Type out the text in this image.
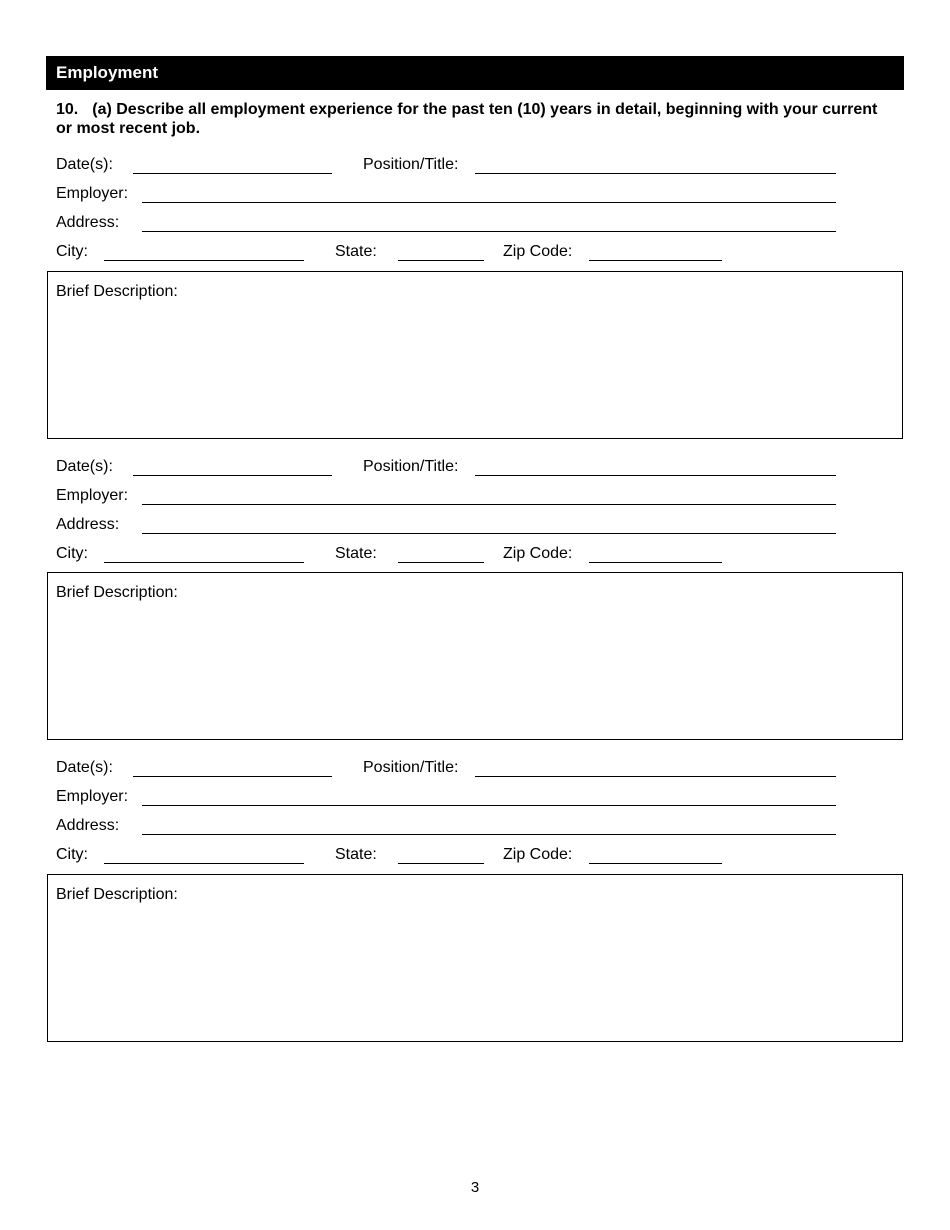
Employment
10. (a) Describe all employment experience for the past ten (10) years in detail, beginning with your current or most recent job.
Date(s):	Position/Title:
Employer:
Address:
City:	State:	Zip Code:
Brief Description:
Date(s):	Position/Title:
Employer:
Address:
City:	State:	Zip Code:
Brief Description:
Date(s):	Position/Title:
Employer:
Address:
City:	State:	Zip Code:
Brief Description:
3
